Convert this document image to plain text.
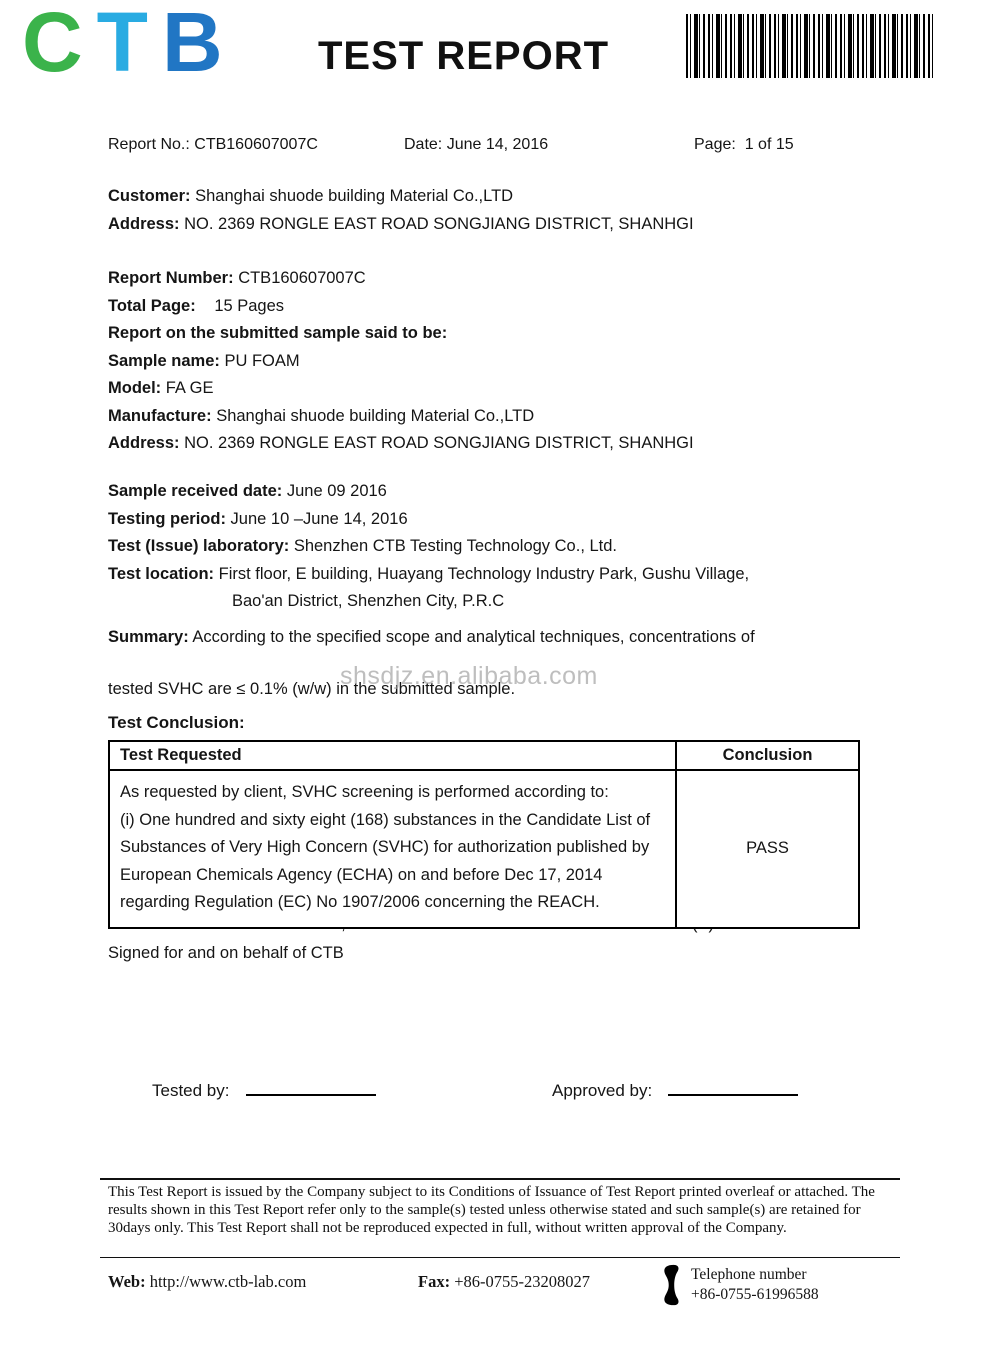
CTB TEST REPORT
Report No.: CTB160607007C	Date: June 14, 2016	Page: 1 of 15
Customer: Shanghai shuode building Material Co.,LTD
Address: NO. 2369 RONGLE EAST ROAD SONGJIANG DISTRICT, SHANHGI
Report Number: CTB160607007C
Total Page: 15 Pages
Report on the submitted sample said to be:
Sample name: PU FOAM
Model: FA GE
Manufacture: Shanghai shuode building Material Co.,LTD
Address: NO. 2369 RONGLE EAST ROAD SONGJIANG DISTRICT, SHANHGI
Sample received date: June 09 2016
Testing period: June 10 –June 14, 2016
Test (Issue) laboratory: Shenzhen CTB Testing Technology Co., Ltd.
Test location: First floor, E building, Huayang Technology Industry Park, Gushu Village,
Bao'an District, Shenzhen City, P.R.C
Summary: According to the specified scope and analytical techniques, concentrations of
tested SVHC are ≤ 0.1% (w/w) in the submitted sample.
shsdjz.en.alibaba.com
Test Conclusion:
Test Requested	Conclusion

As requested by client, SVHC screening is performed according to:
(i) One hundred and sixty eight (168) substances in the Candidate List of
Substances of Very High Concern (SVHC) for authorization published by
European Chemicals Agency (ECHA) on and before Dec 17, 2014
regarding Regulation (EC) No 1907/2006 concerning the REACH.	PASS
Signed for and on behalf of CTB
Tested by:	Approved by:
This Test Report is issued by the Company subject to its Conditions of Issuance of Test Report printed overleaf or attached. The results shown in this Test Report refer only to the sample(s) tested unless otherwise stated and such sample(s) are retained for 30days only. This Test Report shall not be reproduced expected in full, without written approval of the Company.
Web: http://www.ctb-lab.com	Fax: +86-0755-23208027	Telephone number
+86-0755-61996588
